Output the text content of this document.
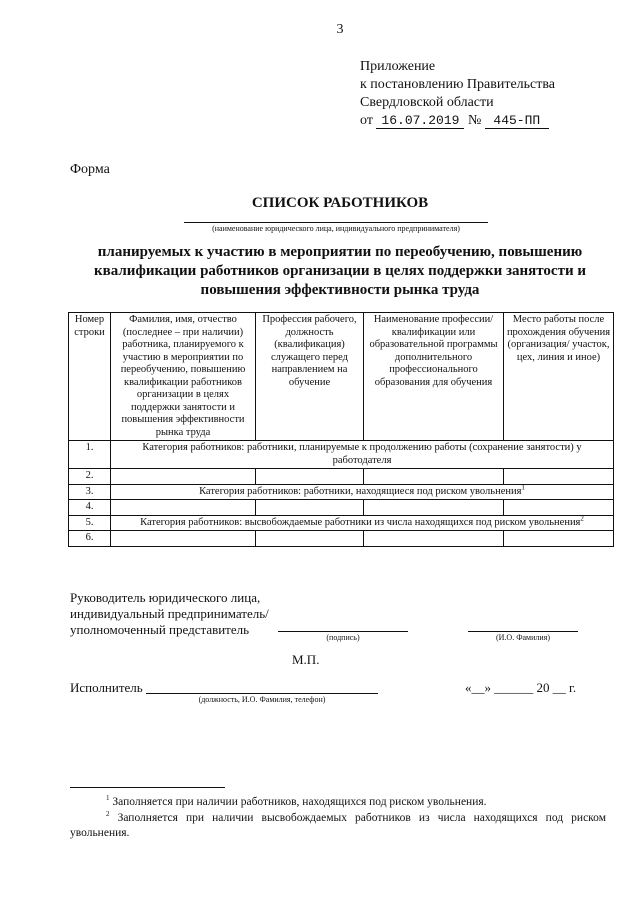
3
Приложение
к постановлению Правительства
Свердловской области
от 16.07.2019 № 445-ПП
Форма
СПИСОК РАБОТНИКОВ
(наименование юридического лица, индивидуального предпринимателя)
планируемых к участию в мероприятии по переобучению, повышению квалификации работников организации в целях поддержки занятости и повышения эффективности рынка труда
Номер строки	Фамилия, имя, отчество (последнее – при наличии) работника, планируемого к участию в мероприятии по переобучению, повышению квалификации работников организации в целях поддержки занятости и повышения эффективности рынка труда	Профессия рабочего, должность (квалификация) служащего перед направлением на обучение	Наименование профессии/квалификации или образовательной программы дополнительного профессионального образования для обучения	Место работы после прохождения обучения (организация/ участок, цех, линия и иное)
1.	Категория работников: работники, планируемые к продолжению работы (сохранение занятости) у работодателя			
2.				
3.	Категория работников: работники, находящиеся под риском увольнения$^1$
4.				
5.	Категория работников: высвобождаемые работники из числа находящихся под риском увольнения$^2$
6.				
Руководитель юридического лица,
индивидуальный предприниматель/
уполномоченный представитель
(подпись)	(И.О. Фамилия)
М.П.
Исполнитель
(должность, И.О. Фамилия, телефон)
«__» ______ 20 __ г.
$^1$ Заполняется при наличии работников, находящихся под риском увольнения.
$^2$ Заполняется при наличии высвобождаемых работников из числа находящихся под риском увольнения.
